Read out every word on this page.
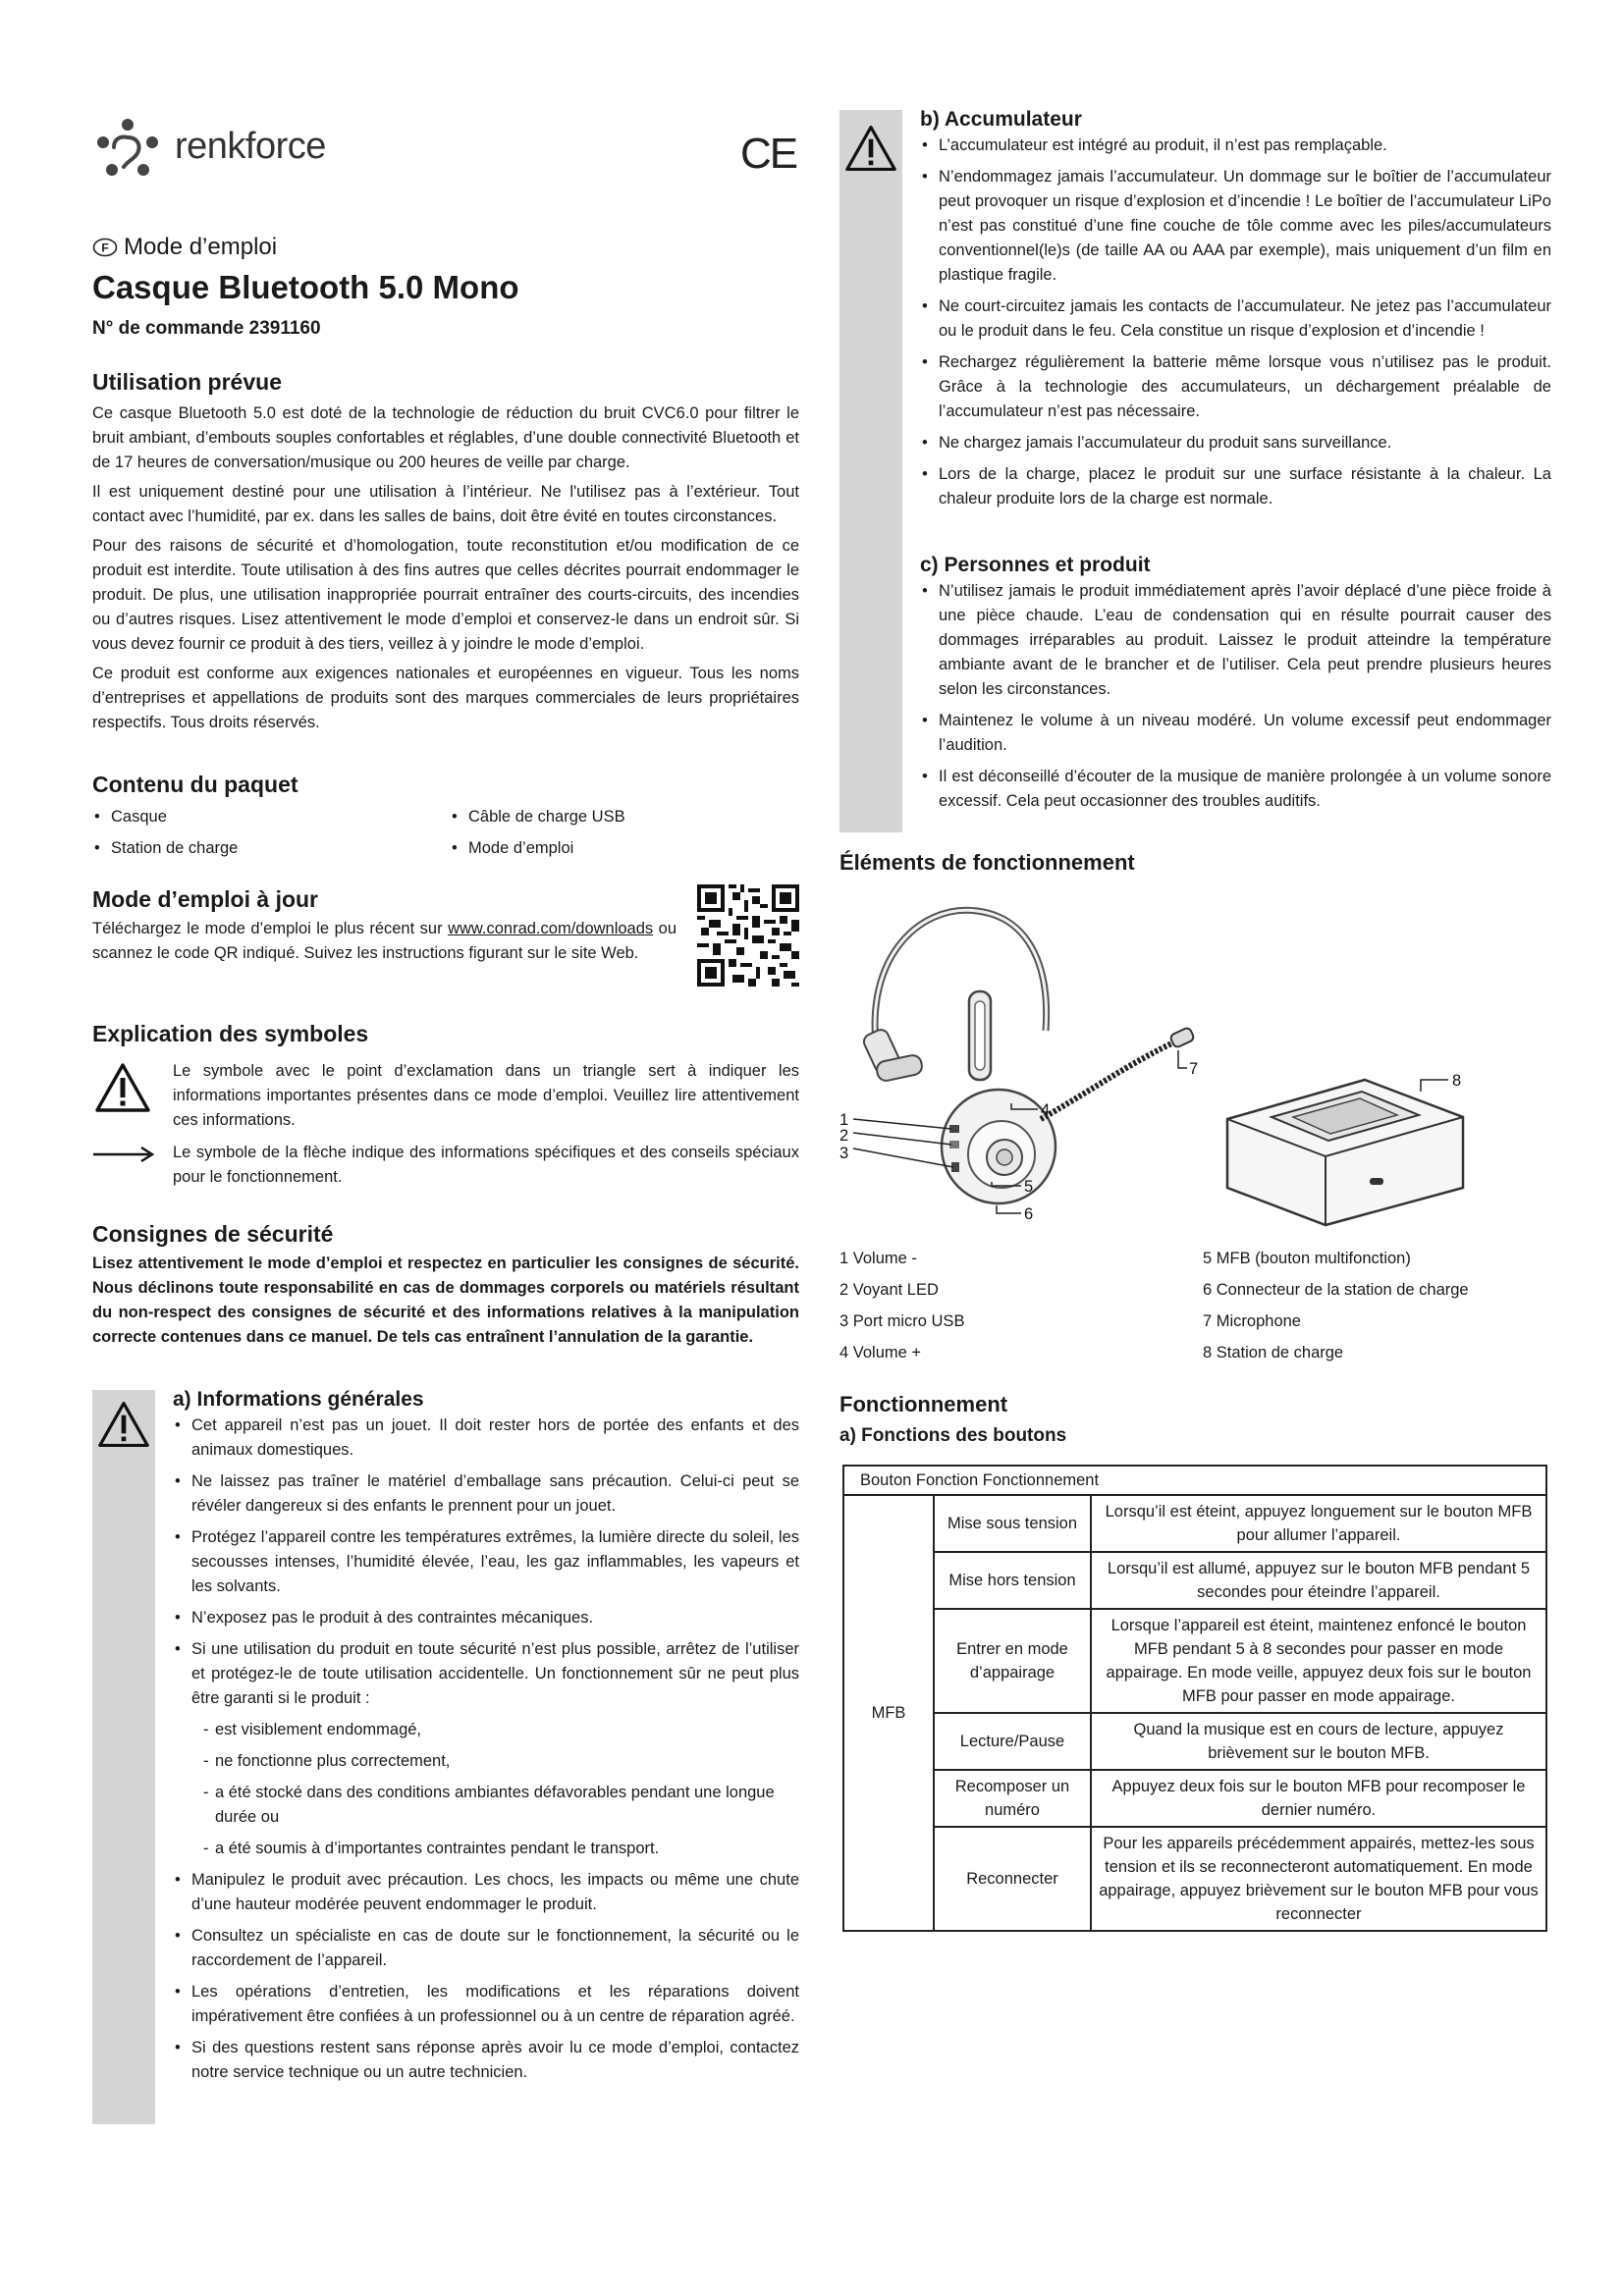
renkforce	CE
F Mode d’emploi
Casque Bluetooth 5.0 Mono
N° de commande 2391160
Utilisation prévue

Ce casque Bluetooth 5.0 est doté de la technologie de réduction du bruit CVC6.0 pour filtrer le bruit ambiant, d’embouts souples confortables et réglables, d’une double connectivité Bluetooth et de 17 heures de conversation/musique ou 200 heures de veille par charge.

Il est uniquement destiné pour une utilisation à l’intérieur. Ne l'utilisez pas à l’extérieur. Tout contact avec l’humidité, par ex. dans les salles de bains, doit être évité en toutes circonstances.

Pour des raisons de sécurité et d’homologation, toute reconstitution et/ou modification de ce produit est interdite. Toute utilisation à des fins autres que celles décrites pourrait endommager le produit. De plus, une utilisation inappropriée pourrait entraîner des courts-circuits, des incendies ou d’autres risques. Lisez attentivement le mode d’emploi et conservez-le dans un endroit sûr. Si vous devez fournir ce produit à des tiers, veillez à y joindre le mode d’emploi.

Ce produit est conforme aux exigences nationales et européennes en vigueur. Tous les noms d’entreprises et appellations de produits sont des marques commerciales de leurs propriétaires respectifs. Tous droits réservés.

Contenu du paquet
• Casque	• Câble de charge USB
• Station de charge	• Mode d’emploi
Mode d’emploi à jour

Téléchargez le mode d’emploi le plus récent sur www.conrad.com/downloads ou scannez le code QR indiqué. Suivez les instructions figurant sur le site Web.

Explication des symboles

Le symbole avec le point d’exclamation dans un triangle sert à indiquer les informations importantes présentes dans ce mode d’emploi. Veuillez lire attentivement ces informations.

Le symbole de la flèche indique des informations spécifiques et des conseils spéciaux pour le fonctionnement.

Consignes de sécurité

Lisez attentivement le mode d’emploi et respectez en particulier les consignes de sécurité. Nous déclinons toute responsabilité en cas de dommages corporels ou matériels résultant du non-respect des consignes de sécurité et des informations relatives à la manipulation correcte contenues dans ce manuel. De tels cas entraînent l’annulation de la garantie.

a) Informations générales
• Cet appareil n’est pas un jouet. Il doit rester hors de portée des enfants et des animaux domestiques.
• Ne laissez pas traîner le matériel d’emballage sans précaution. Celui-ci peut se révéler dangereux si des enfants le prennent pour un jouet.
• Protégez l’appareil contre les températures extrêmes, la lumière directe du soleil, les secousses intenses, l’humidité élevée, l’eau, les gaz inflammables, les vapeurs et les solvants.
• N’exposez pas le produit à des contraintes mécaniques.
• Si une utilisation du produit en toute sécurité n’est plus possible, arrêtez de l’utiliser et protégez-le de toute utilisation accidentelle. Un fonctionnement sûr ne peut plus être garanti si le produit :
- est visiblement endommagé,
- ne fonctionne plus correctement,
- a été stocké dans des conditions ambiantes défavorables pendant une longue durée ou
- a été soumis à d’importantes contraintes pendant le transport.
• Manipulez le produit avec précaution. Les chocs, les impacts ou même une chute d’une hauteur modérée peuvent endommager le produit.
• Consultez un spécialiste en cas de doute sur le fonctionnement, la sécurité ou le raccordement de l’appareil.
• Les opérations d’entretien, les modifications et les réparations doivent impérativement être confiées à un professionnel ou à un centre de réparation agréé.
• Si des questions restent sans réponse après avoir lu ce mode d’emploi, contactez notre service technique ou un autre technicien.
b) Accumulateur
• L’accumulateur est intégré au produit, il n’est pas remplaçable.
• N’endommagez jamais l’accumulateur. Un dommage sur le boîtier de l’accumulateur peut provoquer un risque d’explosion et d’incendie ! Le boîtier de l’accumulateur LiPo n’est pas constitué d’une fine couche de tôle comme avec les piles/accumulateurs conventionnel(le)s (de taille AA ou AAA par exemple), mais uniquement d’un film en plastique fragile.
• Ne court-circuitez jamais les contacts de l’accumulateur. Ne jetez pas l’accumulateur ou le produit dans le feu. Cela constitue un risque d’explosion et d’incendie !
• Rechargez régulièrement la batterie même lorsque vous n’utilisez pas le produit. Grâce à la technologie des accumulateurs, un déchargement préalable de l’accumulateur n’est pas nécessaire.
• Ne chargez jamais l’accumulateur du produit sans surveillance.
• Lors de la charge, placez le produit sur une surface résistante à la chaleur. La chaleur produite lors de la charge est normale.
c) Personnes et produit
• N’utilisez jamais le produit immédiatement après l’avoir déplacé d’une pièce froide à une pièce chaude. L’eau de condensation qui en résulte pourrait causer des dommages irréparables au produit. Laissez le produit atteindre la température ambiante avant de le brancher et de l’utiliser. Cela peut prendre plusieurs heures selon les circonstances.
• Maintenez le volume à un niveau modéré. Un volume excessif peut endommager l’audition.
• Il est déconseillé d’écouter de la musique de manière prolongée à un volume sonore excessif. Cela peut occasionner des troubles auditifs.
Éléments de fonctionnement
1
2
3
4
5
6
7
8
1 Volume -	5 MFB (bouton multifonction)
2 Voyant LED	6 Connecteur de la station de charge
3 Port micro USB	7 Microphone
4 Volume +	8 Station de charge
Fonctionnement
a) Fonctions des boutons
Bouton Fonction Fonctionnement		
MFB	Mise sous tension	Lorsqu’il est éteint, appuyez longuement sur le bouton MFB pour allumer l’appareil.
	Mise hors tension	Lorsqu’il est allumé, appuyez sur le bouton MFB pendant 5 secondes pour éteindre l’appareil.
	Entrer en mode d’appairage	Lorsque l’appareil est éteint, maintenez enfoncé le bouton MFB pendant 5 à 8 secondes pour passer en mode appairage. En mode veille, appuyez deux fois sur le bouton MFB pour passer en mode appairage.
	Lecture/Pause	Quand la musique est en cours de lecture, appuyez brièvement sur le bouton MFB.
	Recomposer un numéro	Appuyez deux fois sur le bouton MFB pour recomposer le dernier numéro.
	Reconnecter	Pour les appareils précédemment appairés, mettez-les sous tension et ils se reconnecteront automatiquement. En mode appairage, appuyez brièvement sur le bouton MFB pour vous reconnecter
